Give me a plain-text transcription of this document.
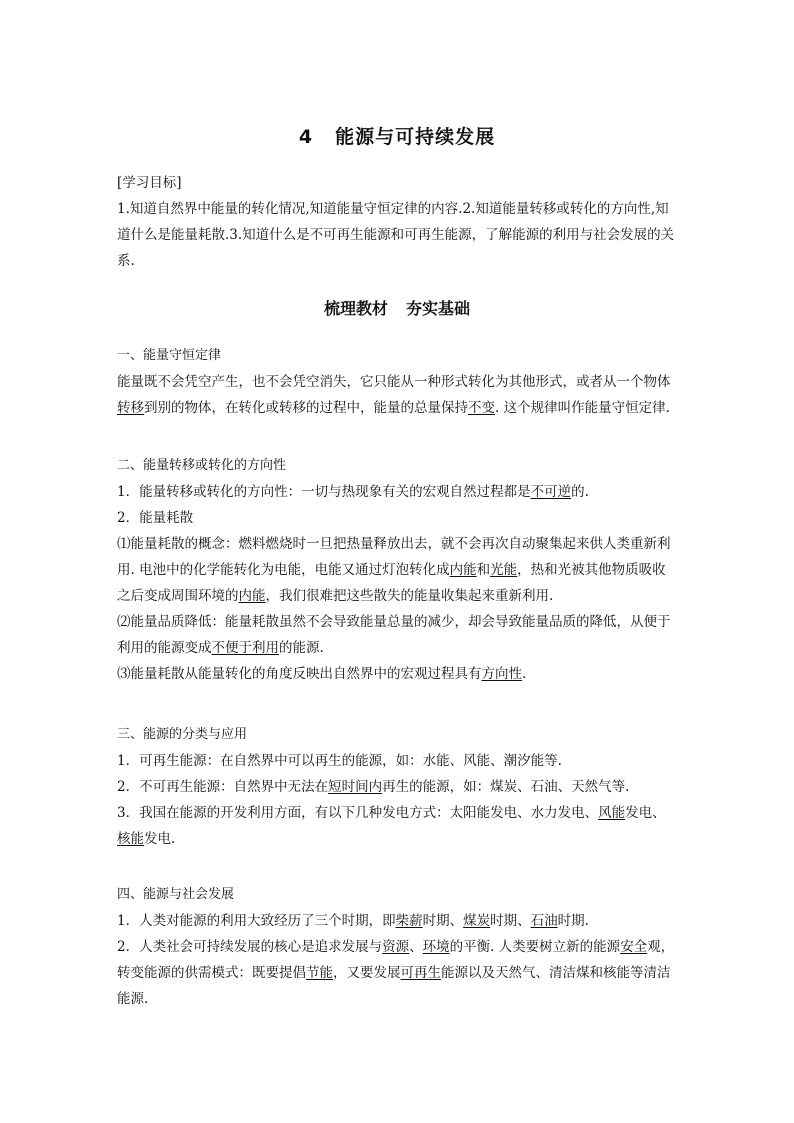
4 能源与可持续发展

[学习目标]

1.知道自然界中能量的转化情况,知道能量守恒定律的内容.2.知道能量转移或转化的方向性,知道什么是能量耗散.3.知道什么是不可再生能源和可再生能源，了解能源的利用与社会发展的关系.

梳理教材 夯实基础

一、能量守恒定律

能量既不会凭空产生，也不会凭空消失，它只能从一种形式转化为其他形式，或者从一个物体转移到别的物体，在转化或转移的过程中，能量的总量保持不变. 这个规律叫作能量守恒定律.

二、能量转移或转化的方向性

1．能量转移或转化的方向性：一切与热现象有关的宏观自然过程都是不可逆的.

2．能量耗散

⑴能量耗散的概念：燃料燃烧时一旦把热量释放出去，就不会再次自动聚集起来供人类重新利用. 电池中的化学能转化为电能，电能又通过灯泡转化成内能和光能，热和光被其他物质吸收之后变成周围环境的内能，我们很难把这些散失的能量收集起来重新利用.

⑵能量品质降低：能量耗散虽然不会导致能量总量的减少，却会导致能量品质的降低，从便于利用的能源变成不便于利用的能源.

⑶能量耗散从能量转化的角度反映出自然界中的宏观过程具有方向性.

三、能源的分类与应用

1．可再生能源：在自然界中可以再生的能源，如：水能、风能、潮汐能等.

2．不可再生能源：自然界中无法在短时间内再生的能源，如：煤炭、石油、天然气等.

3．我国在能源的开发利用方面，有以下几种发电方式：太阳能发电、水力发电、风能发电、核能发电.

四、能源与社会发展

1．人类对能源的利用大致经历了三个时期，即柴薪时期、煤炭时期、石油时期.

2．人类社会可持续发展的核心是追求发展与资源、环境的平衡. 人类要树立新的能源安全观，转变能源的供需模式：既要提倡节能，又要发展可再生能源以及天然气、清洁煤和核能等清洁能源.
